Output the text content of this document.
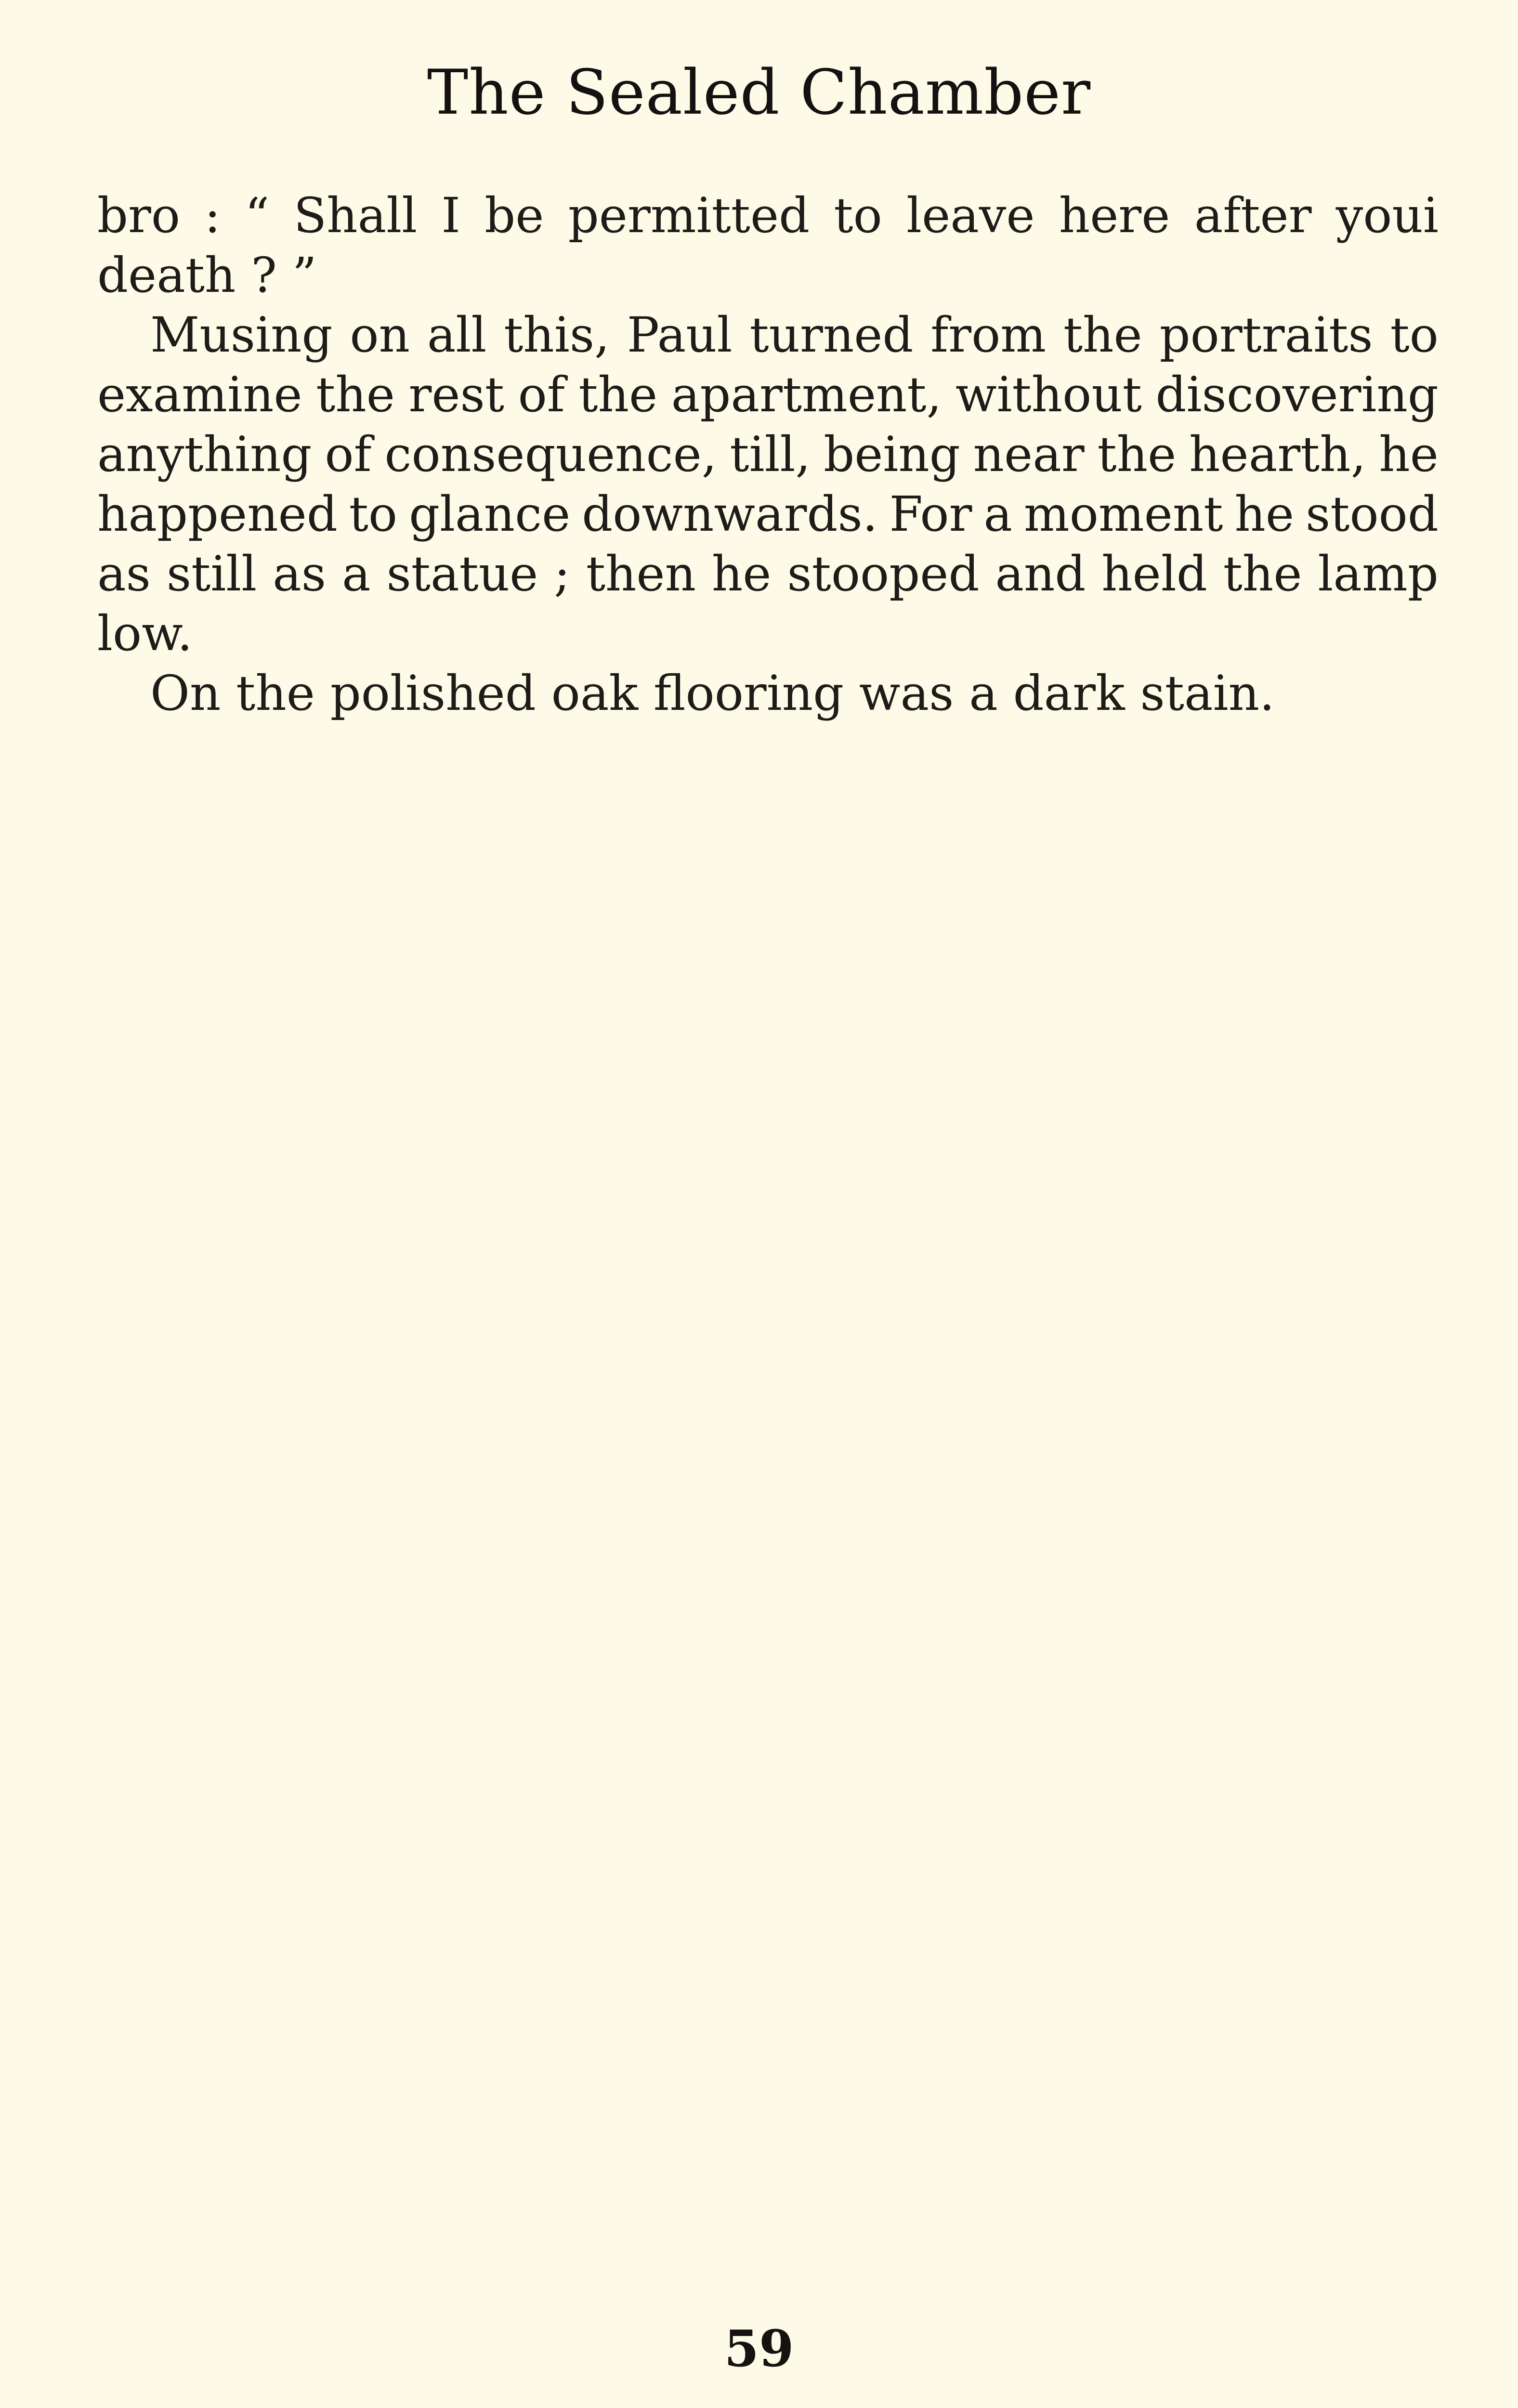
The Sealed Chamber
bro : “ Shall I be permitted to leave here after youi
death ? ”
Musing on all this, Paul turned from the portraits to
examine the rest of the apartment, without discovering
anything of consequence, till, being near the hearth, he
happened to glance downwards. For a moment he stood
as still as a statue ; then he stooped and held the lamp
low.
On the polished oak flooring was a dark stain.
59
